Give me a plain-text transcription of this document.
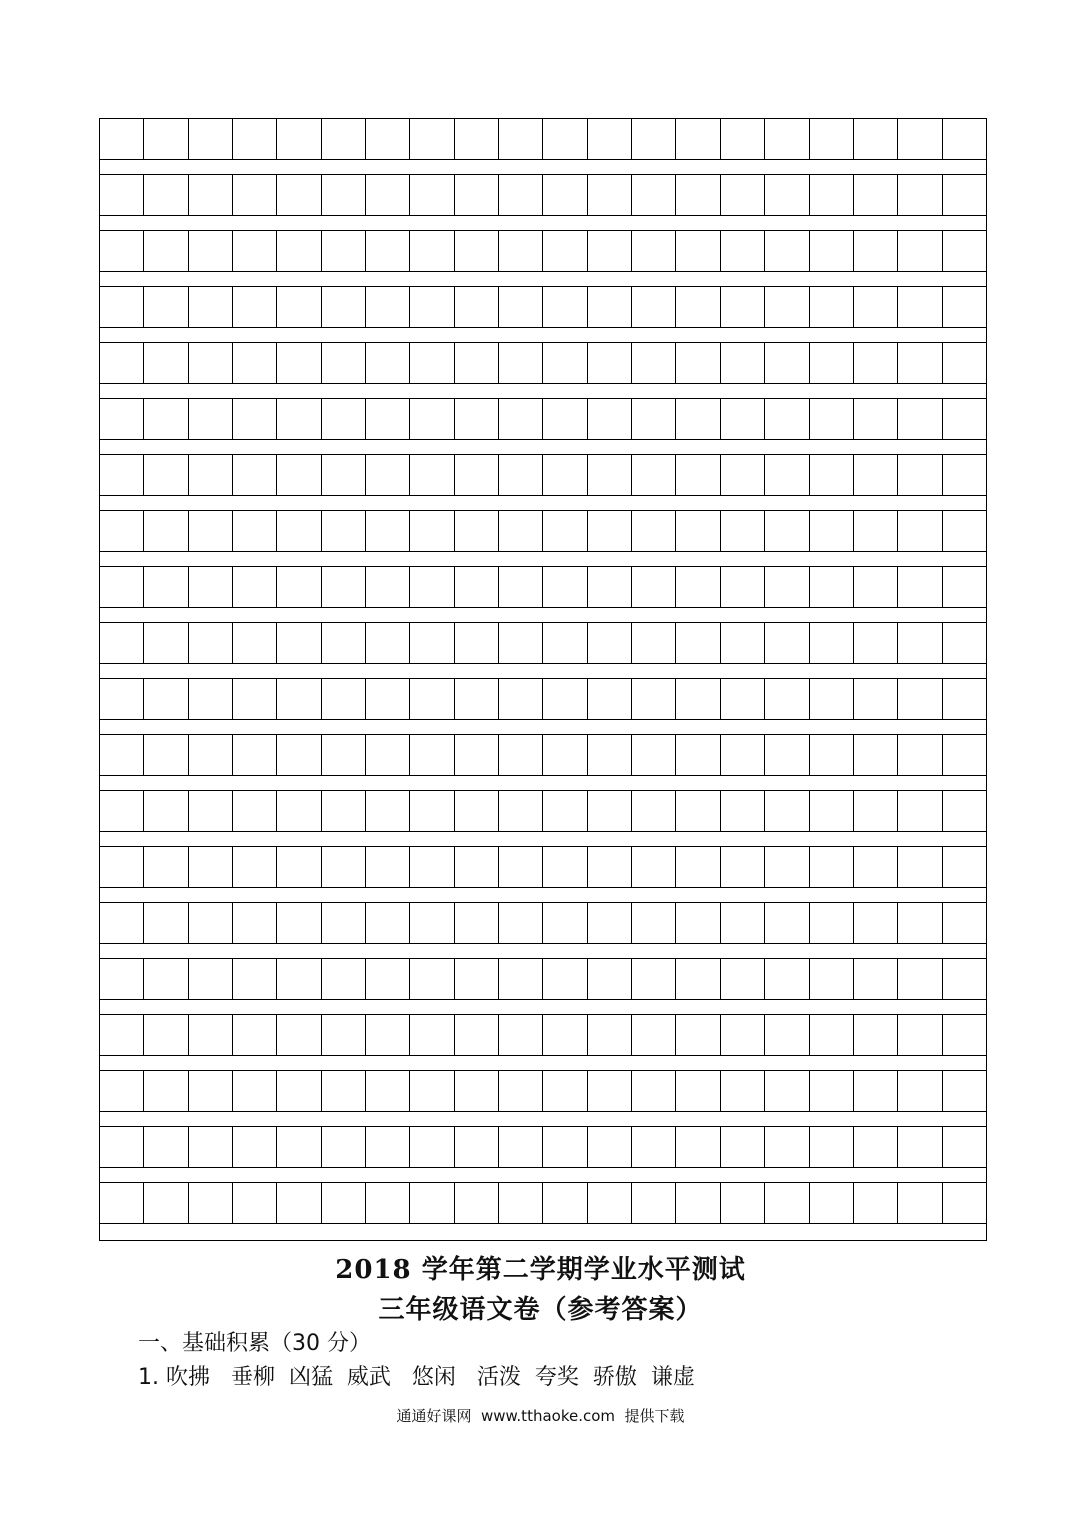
2018 学年第二学期学业水平测试
三年级语文卷（参考答案）
一、基础积累（30 分）
1. 吹拂   垂柳  凶猛  威武   悠闲   活泼  夸奖  骄傲  谦虚
通通好课网  www.tthaoke.com  提供下载
